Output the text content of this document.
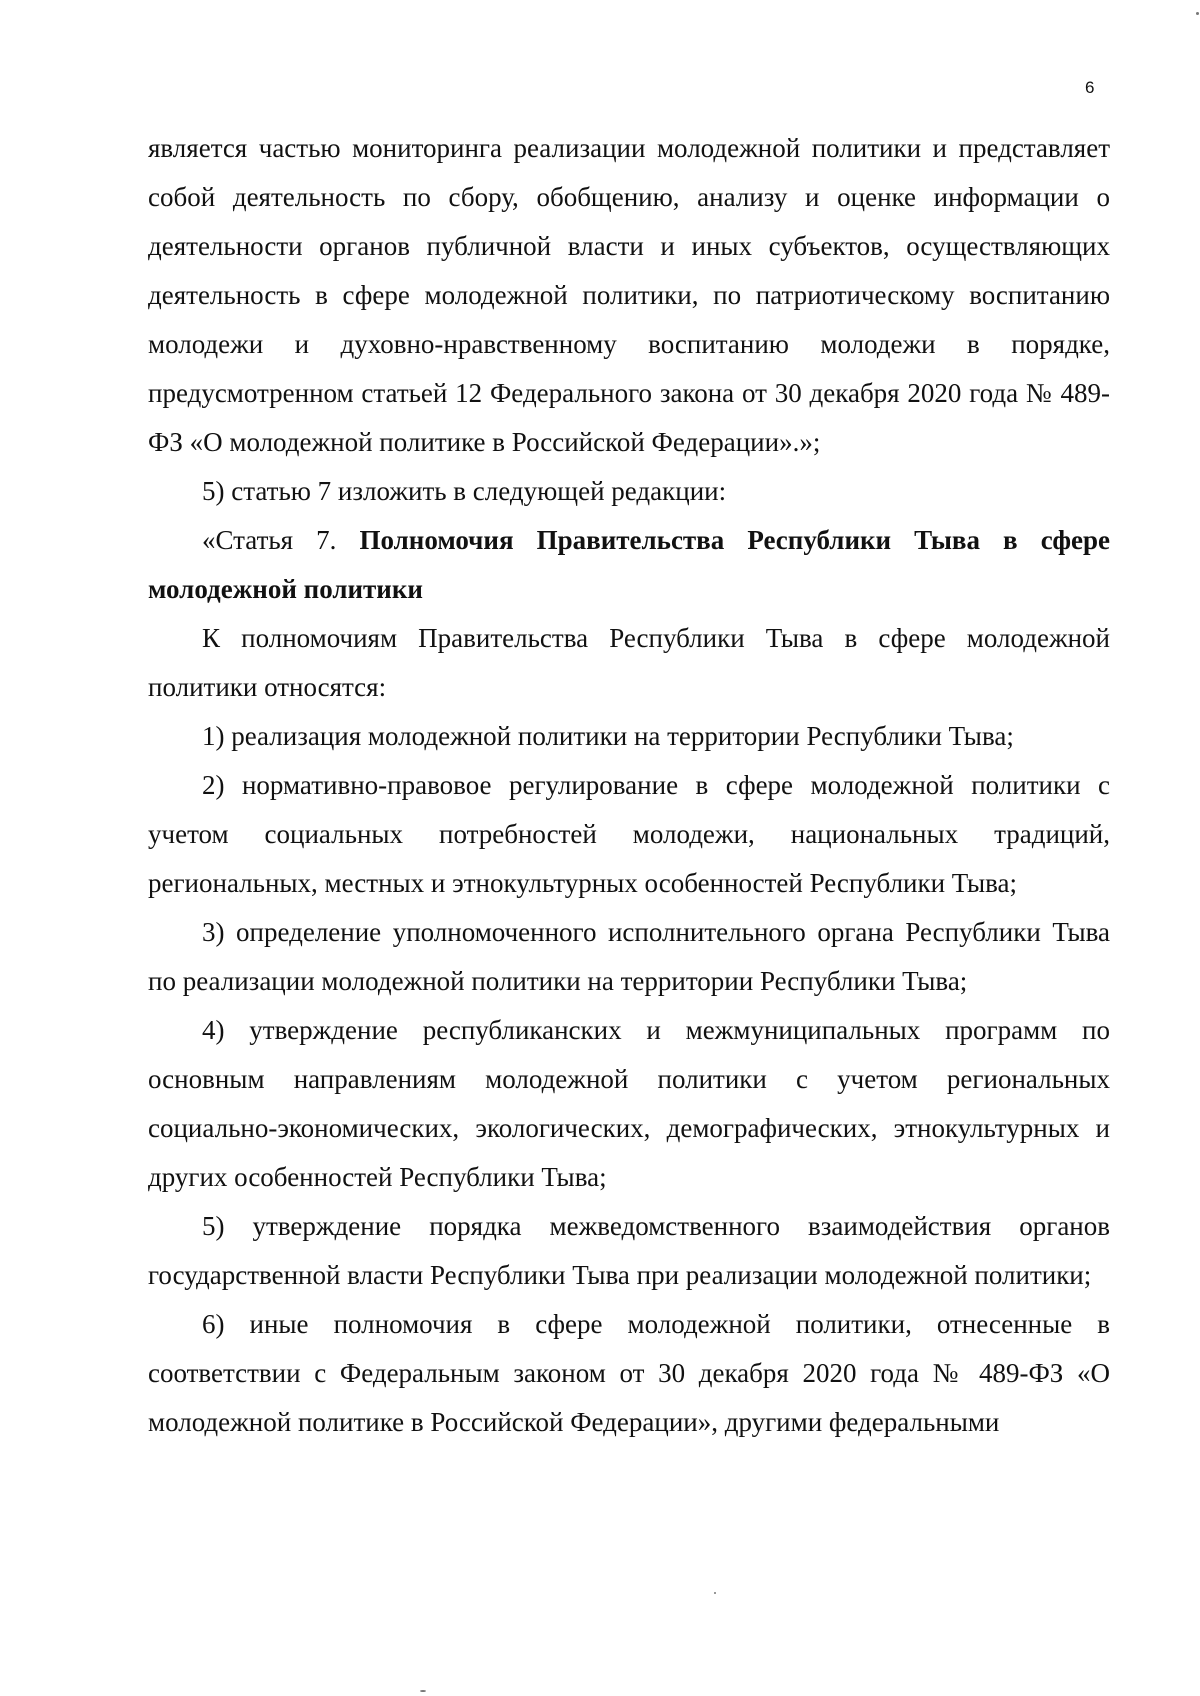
6

является частью мониторинга реализации молодежной политики и представляет собой деятельность по сбору, обобщению, анализу и оценке информации о деятельности органов публичной власти и иных субъектов, осуществляющих деятельность в сфере молодежной политики, по патриотическому воспитанию молодежи и духовно-нравственному воспитанию молодежи в порядке, предусмотренном статьей 12 Федерального закона от 30 декабря 2020 года № 489-ФЗ «О молодежной политике в Российской Федерации».»;

5) статью 7 изложить в следующей редакции:

«Статья 7. Полномочия Правительства Республики Тыва в сфере молодежной политики

К полномочиям Правительства Республики Тыва в сфере молодежной политики относятся:

1) реализация молодежной политики на территории Республики Тыва;

2) нормативно-правовое регулирование в сфере молодежной политики с учетом социальных потребностей молодежи, национальных традиций, региональных, местных и этнокультурных особенностей Республики Тыва;

3) определение уполномоченного исполнительного органа Республики Тыва по реализации молодежной политики на территории Республики Тыва;

4) утверждение республиканских и межмуниципальных программ по основным направлениям молодежной политики с учетом региональных социально-экономических, экологических, демографических, этнокультурных и других особенностей Республики Тыва;

5) утверждение порядка межведомственного взаимодействия органов государственной власти Республики Тыва при реализации молодежной политики;

6) иные полномочия в сфере молодежной политики, отнесенные в соответствии с Федеральным законом от 30 декабря 2020 года № 489-ФЗ «О молодежной политике в Российской Федерации», другими федеральными
